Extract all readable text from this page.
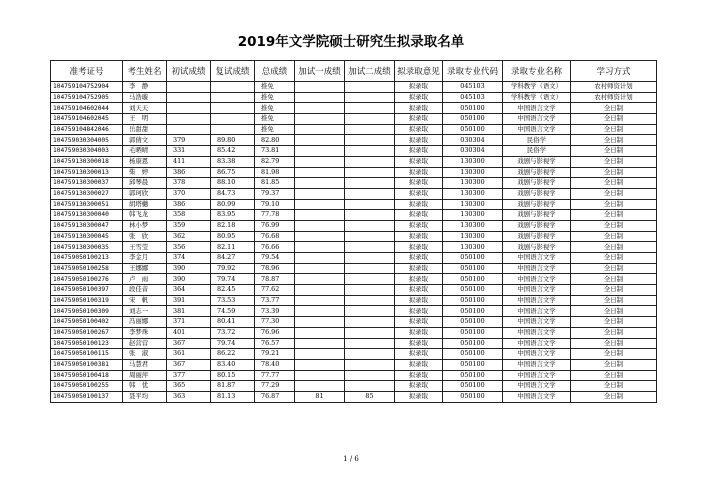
2019年文学院硕士研究生拟录取名单
准考证号	考生姓名	初试成绩	复试成绩	总成绩	加试一成绩	加试二成绩	拟录取意见	录取专业代码	录取专业名称	学习方式
104759104752904	李　静			推免			拟录取	045103	学科教学（语文）	农村师资计划
104759104752905	马浩璇			推免			拟录取	045103	学科教学（语文）	农村师资计划
104759104602044	刘天天			推免			拟录取	050100	中国语言文学	全日制
104759104602045	王　明			推免			拟录取	050100	中国语言文学	全日制
104759104842046	岳甜甜			推免			拟录取	050100	中国语言文学	全日制
104759030304005	郭倩文	379	89.80	82.80			拟录取	030304	民俗学	全日制
104759030304003	毛晒晴	331	85.42	73.81			拟录取	030304	民俗学	全日制
104759130300018	杨康恩	411	83.38	82.79			拟录取	130300	戏剧与影视学	全日制
104759130300013	柴　婷	386	86.75	81.98			拟录取	130300	戏剧与影视学	全日制
104759130300037	邱琴晨	378	88.10	81.85			拟录取	130300	戏剧与影视学	全日制
104759130300027	郭珂欣	370	84.73	79.37			拟录取	130300	戏剧与影视学	全日制
104759130300051	胡塔樾	386	80.99	79.10			拟录取	130300	戏剧与影视学	全日制
104759130300040	韩飞龙	358	83.95	77.78			拟录取	130300	戏剧与影视学	全日制
104759130300047	林小梦	359	82.18	76.99			拟录取	130300	戏剧与影视学	全日制
104759130300045	张　欣	362	80.95	76.68			拟录取	130300	戏剧与影视学	全日制
104759130300035	王雪莹	356	82.11	76.66			拟录取	130300	戏剧与影视学	全日制
104759050100213	李金月	374	84.27	79.54			拟录取	050100	中国语言文学	全日制
104759050100258	王娜娜	390	79.92	78.96			拟录取	050100	中国语言文学	全日制
104759050100276	卢　雨	390	79.74	78.87			拟录取	050100	中国语言文学	全日制
104759050100397	段佳音	364	82.45	77.62			拟录取	050100	中国语言文学	全日制
104759050100319	宋　帆	391	73.53	73.77			拟录取	050100	中国语言文学	全日制
104759050100309	刘志一	381	74.59	73.39			拟录取	050100	中国语言文学	全日制
104759050100402	冯丽娜	371	80.41	77.30			拟录取	050100	中国语言文学	全日制
104759050100267	李梦珠	401	73.72	76.96			拟录取	050100	中国语言文学	全日制
104759050100123	赵营营	367	79.74	76.57			拟录取	050100	中国语言文学	全日制
104759050100115	张　淑	361	86.22	79.21			拟录取	050100	中国语言文学	全日制
104759050100381	马慧君	367	83.40	78.40			拟录取	050100	中国语言文学	全日制
104759050100418	周丽萍	377	80.15	77.77			拟录取	050100	中国语言文学	全日制
104759050100255	韩　优	365	81.87	77.29			拟录取	050100	中国语言文学	全日制
104759050100137	聂平均	363	81.13	76.87	81	85	拟录取	050100	中国语言文学	全日制
1 / 6
